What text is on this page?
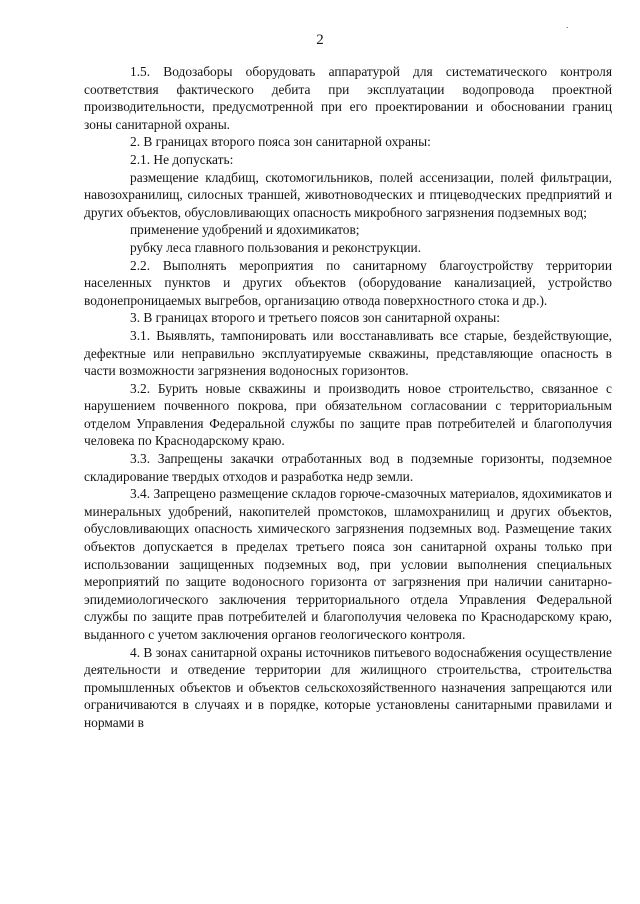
.
2

1.5. Водозаборы оборудовать аппаратурой для систематического контроля соответствия фактического дебита при эксплуатации водопровода проектной производительности, предусмотренной при его проектировании и обосновании границ зоны санитарной охраны.

2. В границах второго пояса зон санитарной охраны:

2.1. Не допускать:

размещение кладбищ, скотомогильников, полей ассенизации, полей фильтрации, навозохранилищ, силосных траншей, животноводческих и птицеводческих предприятий и других объектов, обусловливающих опасность микробного загрязнения подземных вод;

применение удобрений и ядохимикатов;

рубку леса главного пользования и реконструкции.

2.2. Выполнять мероприятия по санитарному благоустройству территории населенных пунктов и других объектов (оборудование канализацией, устройство водонепроницаемых выгребов, организацию отвода поверхностного стока и др.).

3. В границах второго и третьего поясов зон санитарной охраны:

3.1. Выявлять, тампонировать или восстанавливать все старые, бездействующие, дефектные или неправильно эксплуатируемые скважины, представляющие опасность в части возможности загрязнения водоносных горизонтов.

3.2. Бурить новые скважины и производить новое строительство, связанное с нарушением почвенного покрова, при обязательном согласовании с территориальным отделом Управления Федеральной службы по защите прав потребителей и благополучия человека по Краснодарскому краю.

3.3. Запрещены закачки отработанных вод в подземные горизонты, подземное складирование твердых отходов и разработка недр земли.

3.4. Запрещено размещение складов горюче-смазочных материалов, ядохимикатов и минеральных удобрений, накопителей промстоков, шламохранилищ и других объектов, обусловливающих опасность химического загрязнения подземных вод. Размещение таких объектов допускается в пределах третьего пояса зон санитарной охраны только при использовании защищенных подземных вод, при условии выполнения специальных мероприятий по защите водоносного горизонта от загрязнения при наличии санитарно-эпидемиологического заключения территориального отдела Управления Федеральной службы по защите прав потребителей и благополучия человека по Краснодарскому краю, выданного с учетом заключения органов геологического контроля.

4. В зонах санитарной охраны источников питьевого водоснабжения осуществление деятельности и отведение территории для жилищного строительства, строительства промышленных объектов и объектов сельскохозяйственного назначения запрещаются или ограничиваются в случаях и в порядке, которые установлены санитарными правилами и нормами в
